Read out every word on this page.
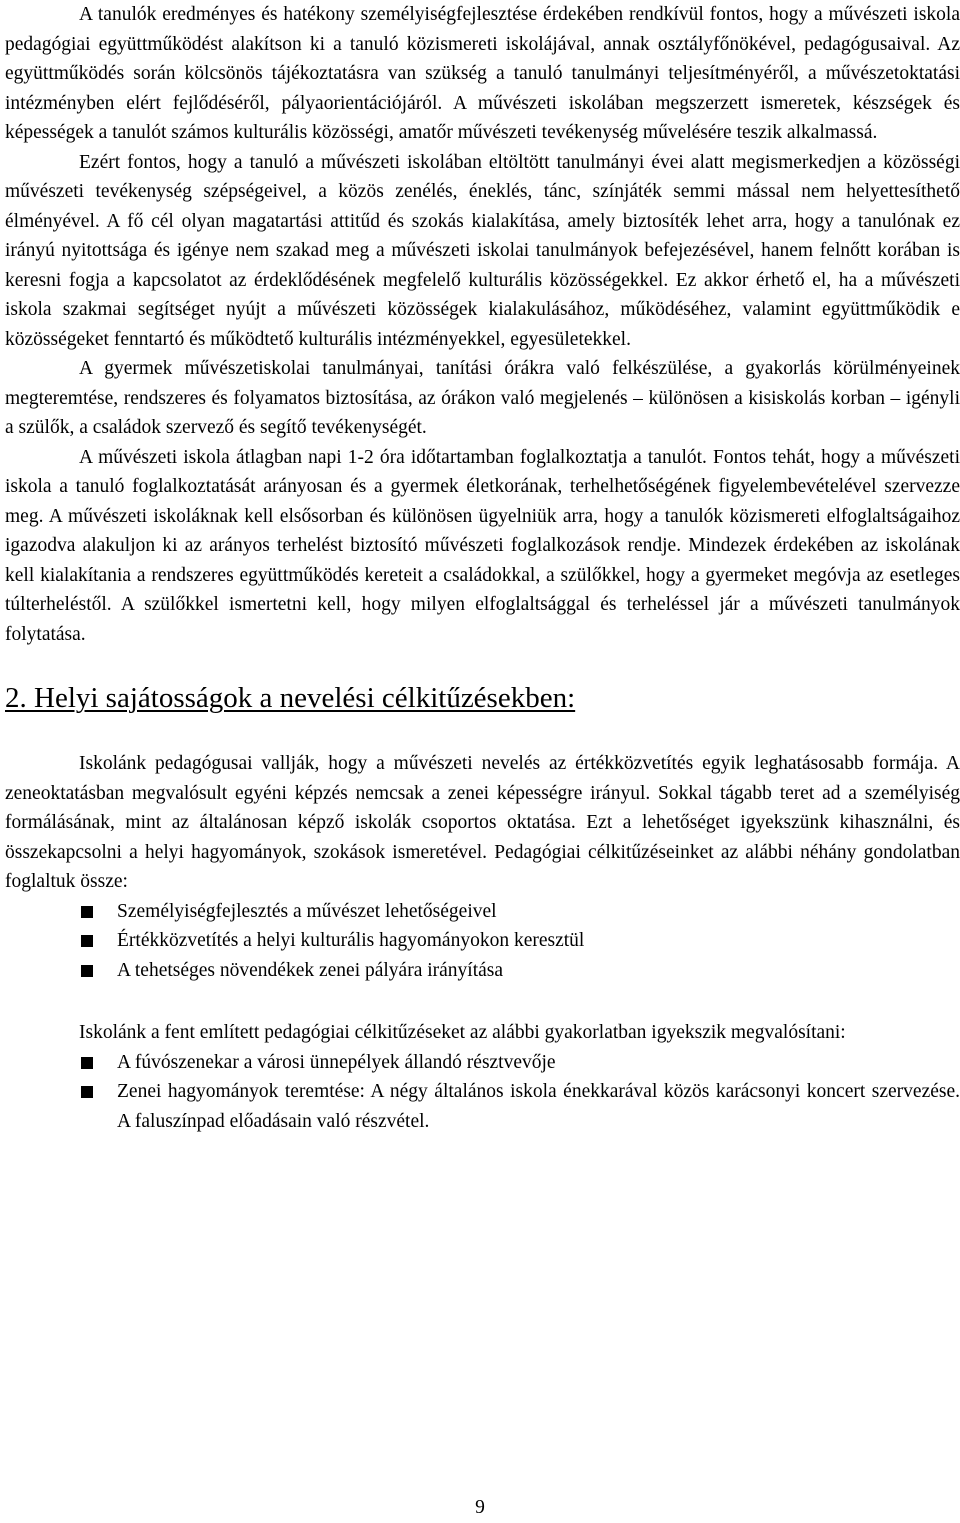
A tanulók eredményes és hatékony személyiségfejlesztése érdekében rendkívül fontos, hogy a művészeti iskola pedagógiai együttműködést alakítson ki a tanuló közismereti iskolájával, annak osztályfőnökével, pedagógusaival. Az együttműködés során kölcsönös tájékoztatásra van szükség a tanuló tanulmányi teljesítményéről, a művészetoktatási intézményben elért fejlődéséről, pályaorientációjáról. A művészeti iskolában megszerzett ismeretek, készségek és képességek a tanulót számos kulturális közösségi, amatőr művészeti tevékenység művelésére teszik alkalmassá.

Ezért fontos, hogy a tanuló a művészeti iskolában eltöltött tanulmányi évei alatt megismerkedjen a közösségi művészeti tevékenység szépségeivel, a közös zenélés, éneklés, tánc, színjáték semmi mással nem helyettesíthető élményével. A fő cél olyan magatartási attitűd és szokás kialakítása, amely biztosíték lehet arra, hogy a tanulónak ez irányú nyitottsága és igénye nem szakad meg a művészeti iskolai tanulmányok befejezésével, hanem felnőtt korában is keresni fogja a kapcsolatot az érdeklődésének megfelelő kulturális közösségekkel. Ez akkor érhető el, ha a művészeti iskola szakmai segítséget nyújt a művészeti közösségek kialakulásához, működéséhez, valamint együttműködik e közösségeket fenntartó és működtető kulturális intézményekkel, egyesületekkel.

A gyermek művészetiskolai tanulmányai, tanítási órákra való felkészülése, a gyakorlás körülményeinek megteremtése, rendszeres és folyamatos biztosítása, az órákon való megjelenés – különösen a kisiskolás korban – igényli a szülők, a családok szervező és segítő tevékenységét.

A művészeti iskola átlagban napi 1-2 óra időtartamban foglalkoztatja a tanulót. Fontos tehát, hogy a művészeti iskola a tanuló foglalkoztatását arányosan és a gyermek életkorának, terhelhetőségének figyelembevételével szervezze meg. A művészeti iskoláknak kell elsősorban és különösen ügyelniük arra, hogy a tanulók közismereti elfoglaltságaihoz igazodva alakuljon ki az arányos terhelést biztosító művészeti foglalkozások rendje. Mindezek érdekében az iskolának kell kialakítania a rendszeres együttműködés kereteit a családokkal, a szülőkkel, hogy a gyermeket megóvja az esetleges túlterheléstől. A szülőkkel ismertetni kell, hogy milyen elfoglaltsággal és terheléssel jár a művészeti tanulmányok folytatása.

2. Helyi sajátosságok a nevelési célkitűzésekben:

Iskolánk pedagógusai vallják, hogy a művészeti nevelés az értékközvetítés egyik leghatásosabb formája. A zeneoktatásban megvalósult egyéni képzés nemcsak a zenei képességre irányul. Sokkal tágabb teret ad a személyiség formálásának, mint az általánosan képző iskolák csoportos oktatása. Ezt a lehetőséget igyekszünk kihasználni, és összekapcsolni a helyi hagyományok, szokások ismeretével. Pedagógiai célkitűzéseinket az alábbi néhány gondolatban foglaltuk össze:

Személyiségfejlesztés a művészet lehetőségeivel
Értékközvetítés a helyi kulturális hagyományokon keresztül
A tehetséges növendékek zenei pályára irányítása

Iskolánk a fent említett pedagógiai célkitűzéseket az alábbi gyakorlatban igyekszik megvalósítani:

A fúvószenekar a városi ünnepélyek állandó résztvevője
Zenei hagyományok teremtése: A négy általános iskola énekkarával közös karácsonyi koncert szervezése. A faluszínpad előadásain való részvétel.
9
